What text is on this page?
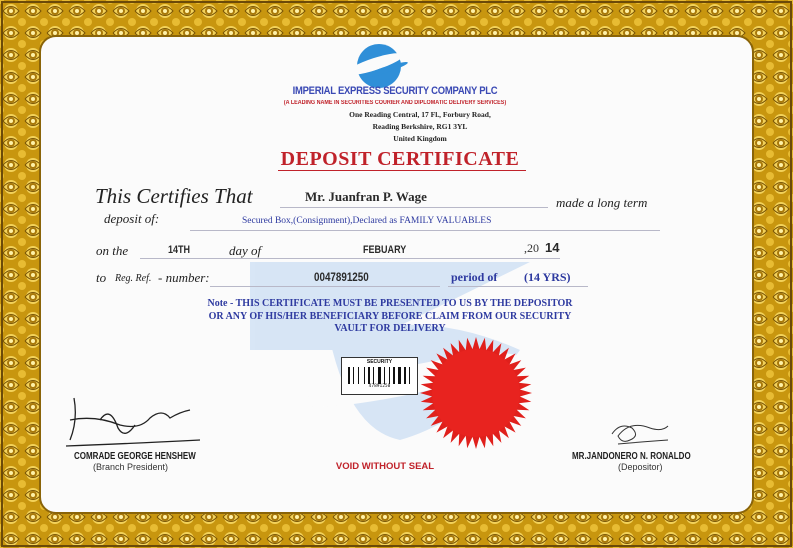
IMPERIAL EXPRESS SECURITY COMPANY PLC
(A LEADING NAME IN SECURITIES COURIER AND DIPLOMATIC DELIVERY SERVICES)
One Reading Central, 17 Fl., Forbury Road,
Reading Berkshire, RG1 3YL
United Kingdom
DEPOSIT CERTIFICATE
This Certifies That	Mr. Juanfran P. Wage	made a long term
deposit of:	Secured Box,(Consignment),Declared as FAMILY VALUABLES
on the	14TH	day of	FEBUARY	,20 14
to Reg. Ref. - number:	0047891250	period of (14 YRS)
Note - THIS CERTIFICATE MUST BE PRESENTED TO US BY THE DEPOSITOR
OR ANY OF HIS/HER BENEFICIARY BEFORE CLAIM FROM OUR SECURITY
VAULT FOR DELIVERY
SECURITY
47891250
COMRADE GEORGE HENSHEW
(Branch President)	VOID WITHOUT SEAL
MR.JANDONERO N. RONALDO
(Depositor)
